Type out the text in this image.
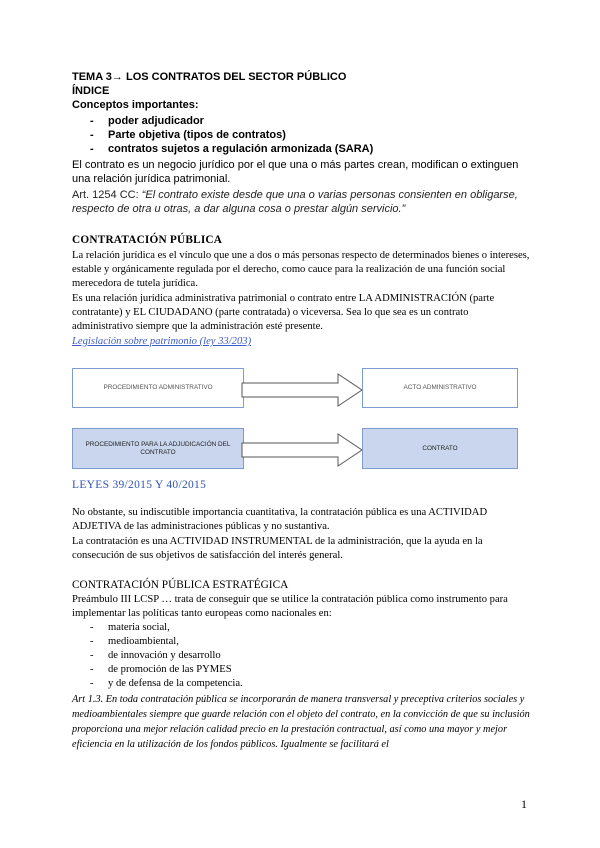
TEMA 3→ LOS CONTRATOS DEL SECTOR PÚBLICO
ÍNDICE
Conceptos importantes:
- poder adjudicador
- Parte objetiva (tipos de contratos)
- contratos sujetos a regulación armonizada (SARA)
El contrato es un negocio jurídico por el que una o más partes crean, modifican o extinguen una relación jurídica patrimonial.
Art. 1254 CC: “El contrato existe desde que una o varias personas consienten en obligarse, respecto de otra u otras, a dar alguna cosa o prestar algún servicio.”
CONTRATACIÓN PÚBLICA
La relación jurídica es el vínculo que une a dos o más personas respecto de determinados bienes o intereses, estable y orgánicamente regulada por el derecho, como cauce para la realización de una función social merecedora de tutela jurídica.
Es una relación jurídica administrativa patrimonial o contrato entre LA ADMINISTRACIÓN (parte contratante) y EL CIUDADANO (parte contratada) o viceversa. Sea lo que sea es un contrato administrativo siempre que la administración esté presente.
Legislación sobre patrimonio (ley 33/203)
PROCEDIMIENTO ADMINISTRATIVO	ACTO ADMINISTRATIVO
PROCEDIMIENTO PARA LA ADJUDICACIÓN DEL CONTRATO
CONTRATO
LEYES 39/2015 Y 40/2015
No obstante, su indiscutible importancia cuantitativa, la contratación pública es una ACTIVIDAD ADJETIVA de las administraciones públicas y no sustantiva.
La contratación es una ACTIVIDAD INSTRUMENTAL de la administración, que la ayuda en la consecución de sus objetivos de satisfacción del interés general.
CONTRATACIÓN PÚBLICA ESTRATÉGICA
Preámbulo III LCSP … trata de conseguir que se utilice la contratación pública como instrumento para implementar las políticas tanto europeas como nacionales en:
- materia social,
- medioambiental,
- de innovación y desarrollo
- de promoción de las PYMES
- y de defensa de la competencia.
Art 1.3. En toda contratación pública se incorporarán de manera transversal y preceptiva criterios sociales y medioambientales siempre que guarde relación con el objeto del contrato, en la convicción de que su inclusión proporciona una mejor relación calidad precio en la prestación contractual, así como una mayor y mejor eficiencia en la utilización de los fondos públicos. Igualmente se facilitará el
1
